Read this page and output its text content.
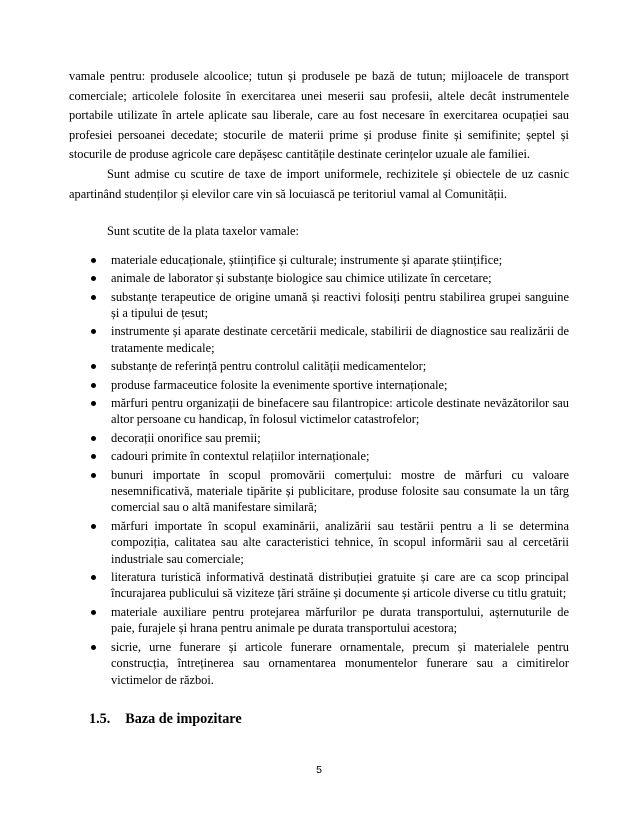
vamale pentru: produsele alcoolice; tutun și produsele pe bază de tutun; mijloacele de transport comerciale; articolele folosite în exercitarea unei meserii sau profesii, altele decât instrumentele portabile utilizate în artele aplicate sau liberale, care au fost necesare în exercitarea ocupației sau profesiei persoanei decedate; stocurile de materii prime și produse finite și semifinite; șeptel și stocurile de produse agricole care depășesc cantitățile destinate cerințelor uzuale ale familiei.

Sunt admise cu scutire de taxe de import uniformele, rechizitele și obiectele de uz casnic apartinând studenților și elevilor care vin să locuiască pe teritoriul vamal al Comunității.

Sunt scutite de la plata taxelor vamale:

materiale educaționale, științifice și culturale; instrumente și aparate științifice;
animale de laborator și substanțe biologice sau chimice utilizate în cercetare;
substanțe terapeutice de origine umană și reactivi folosiți pentru stabilirea grupei sanguine și a tipului de țesut;
instrumente și aparate destinate cercetării medicale, stabilirii de diagnostice sau realizării de tratamente medicale;
substanțe de referință pentru controlul calității medicamentelor;
produse farmaceutice folosite la evenimente sportive internaționale;
mărfuri pentru organizații de binefacere sau filantropice: articole destinate nevăzătorilor sau altor persoane cu handicap, în folosul victimelor catastrofelor;
decorații onorifice sau premii;
cadouri primite în contextul relațiilor internaționale;
bunuri importate în scopul promovării comerțului: mostre de mărfuri cu valoare nesemnificativă, materiale tipărite și publicitare, produse folosite sau consumate la un târg comercial sau o altă manifestare similară;
mărfuri importate în scopul examinării, analizării sau testării pentru a li se determina compoziția, calitatea sau alte caracteristici tehnice, în scopul informării sau al cercetării industriale sau comerciale;
literatura turistică informativă destinată distribuției gratuite și care are ca scop principal încurajarea publicului să viziteze țări străine și documente și articole diverse cu titlu gratuit;
materiale auxiliare pentru protejarea mărfurilor pe durata transportului, așternuturile de paie, furajele și hrana pentru animale pe durata transportului acestora;
sicrie, urne funerare și articole funerare ornamentale, precum și materialele pentru construcția, întreținerea sau ornamentarea monumentelor funerare sau a cimitirelor victimelor de război.
1.5. Baza de impozitare
5
